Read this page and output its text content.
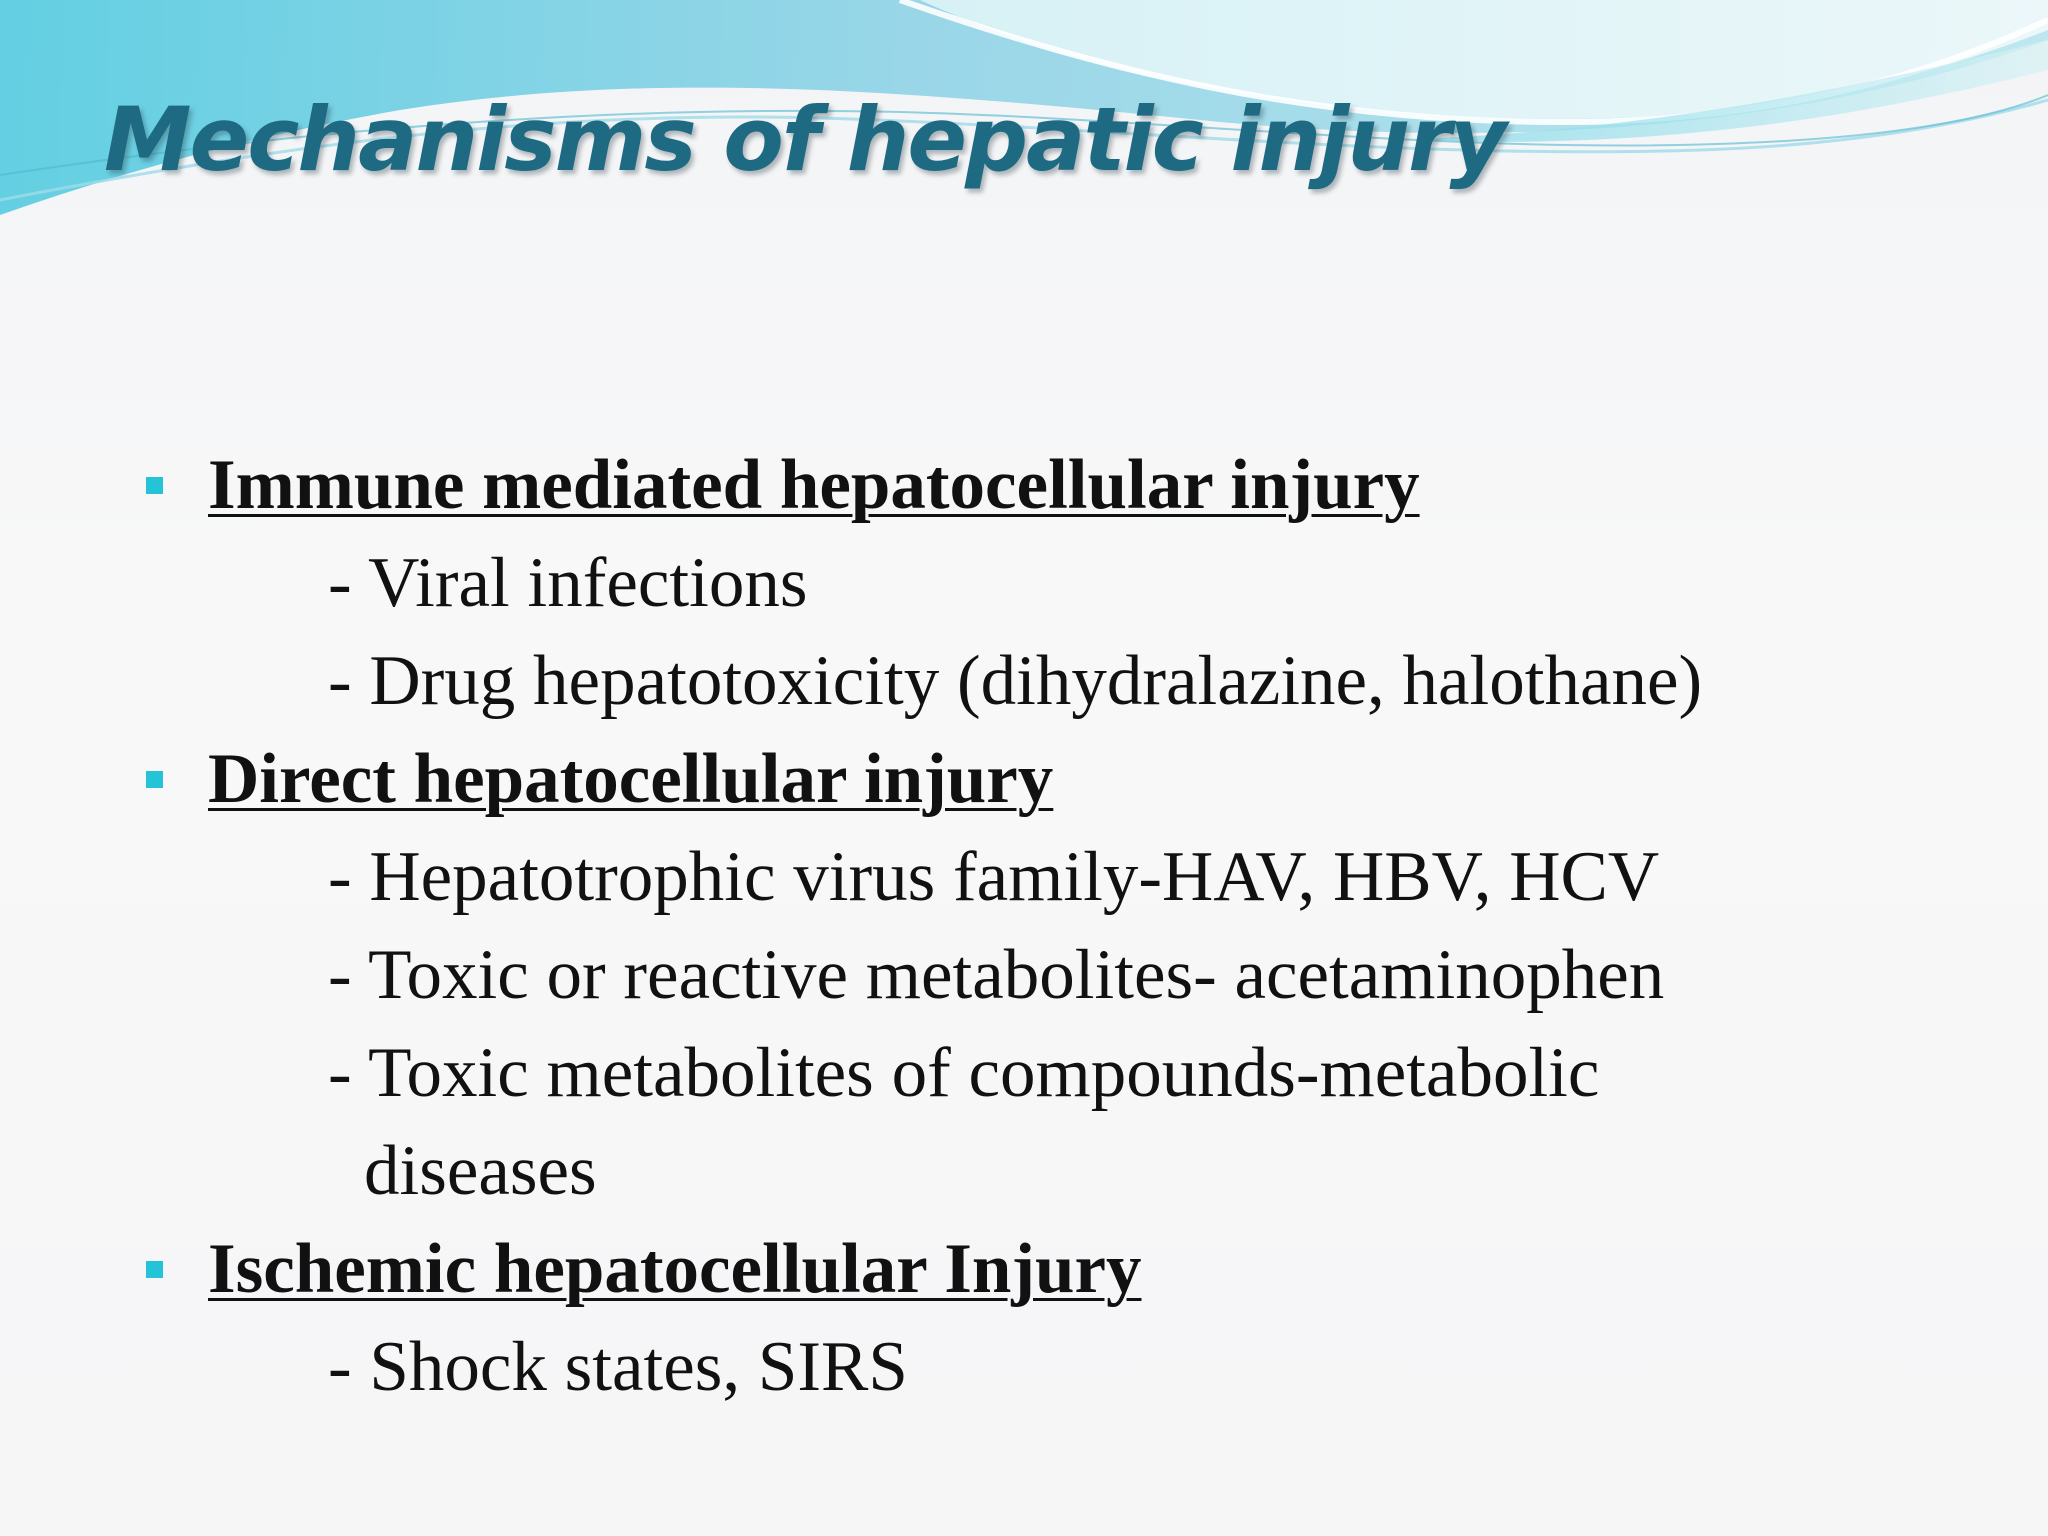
Mechanisms of hepatic injury
Immune mediated hepatocellular injury
- Viral infections
- Drug hepatotoxicity (dihydralazine, halothane)
Direct hepatocellular injury
- Hepatotrophic virus family-HAV, HBV, HCV
- Toxic or reactive metabolites- acetaminophen
- Toxic metabolites of compounds-metabolic
diseases
Ischemic hepatocellular Injury
- Shock states, SIRS
